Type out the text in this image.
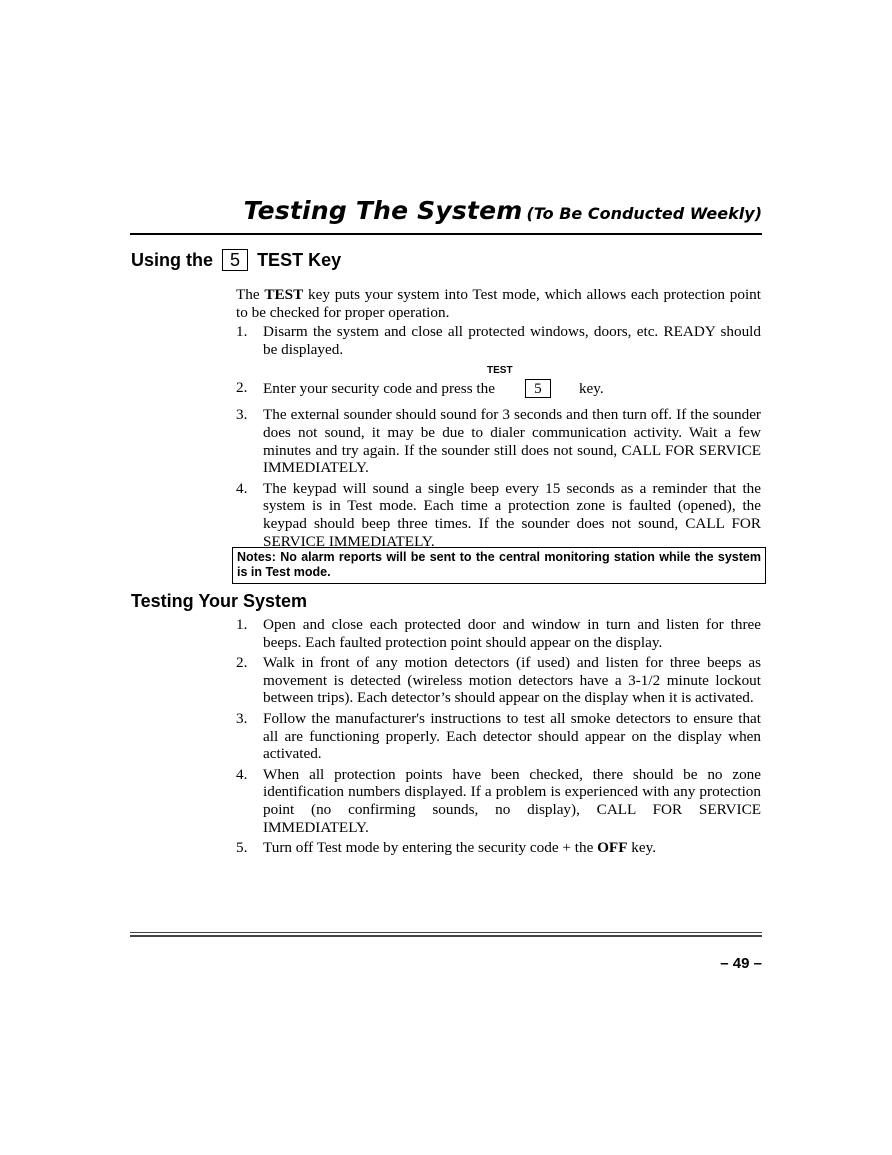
Testing The System (To Be Conducted Weekly)
Using the 5 TEST Key

The TEST key puts your system into Test mode, which allows each protection point to be checked for proper operation.

1.	Disarm the system and close all protected windows, doors, etc. READY should be displayed.
2.
TEST
Enter your security code and press the	5 key.
3.	The external sounder should sound for 3 seconds and then turn off. If the sounder does not sound, it may be due to dialer communication activity. Wait a few minutes and try again. If the sounder still does not sound, CALL FOR SERVICE IMMEDIATELY.
4.	The keypad will sound a single beep every 15 seconds as a reminder that the system is in Test mode. Each time a protection zone is faulted (opened), the keypad should beep three times. If the sounder does not sound, CALL FOR SERVICE IMMEDIATELY.
Notes: No alarm reports will be sent to the central monitoring station while the system is in Test mode.
Testing Your System
1.	Open and close each protected door and window in turn and listen for three beeps. Each faulted protection point should appear on the display.
2.	Walk in front of any motion detectors (if used) and listen for three beeps as movement is detected (wireless motion detectors have a 3-1/2 minute lockout between trips). Each detector’s should appear on the display when it is activated.
3.	Follow the manufacturer's instructions to test all smoke detectors to ensure that all are functioning properly. Each detector should appear on the display when activated.
4.	When all protection points have been checked, there should be no zone identification numbers displayed. If a problem is experienced with any protection point (no confirming sounds, no display), CALL FOR SERVICE IMMEDIATELY.
5.	Turn off Test mode by entering the security code + the OFF key.
– 49 –
